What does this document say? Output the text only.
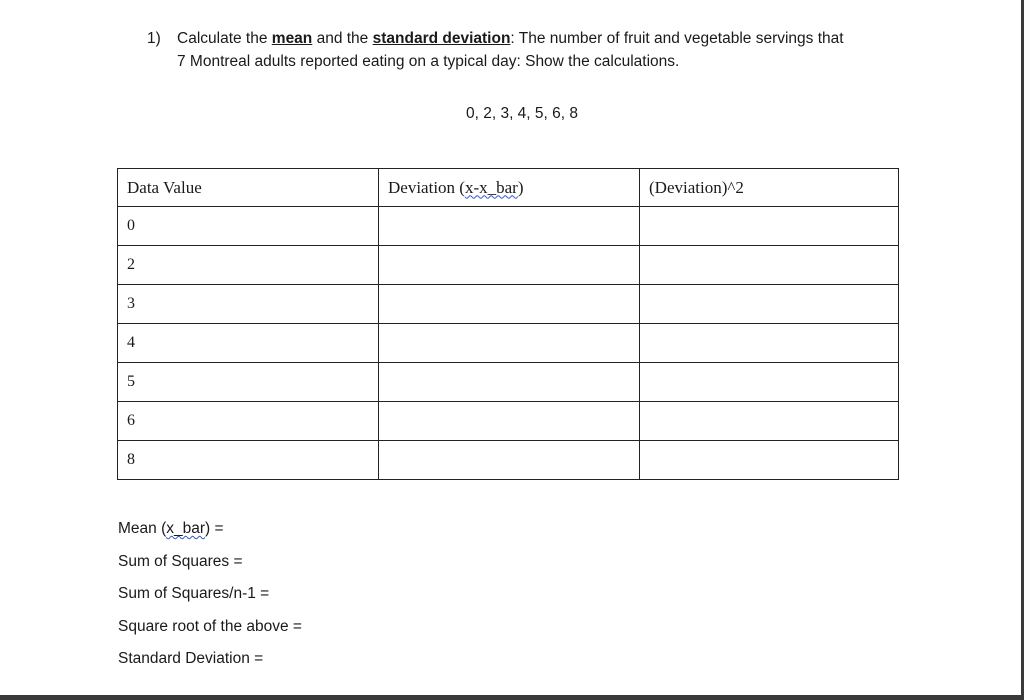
1) Calculate the mean and the standard deviation: The number of fruit and vegetable servings that
7 Montreal adults reported eating on a typical day: Show the calculations.
0, 2, 3, 4, 5, 6, 8
Data Value	Deviation (x-x_bar)	(Deviation)^2
0		
2		
3		
4		
5		
6		
8		
Mean (x_bar) =
Sum of Squares =
Sum of Squares/n-1 =
Square root of the above =
Standard Deviation =
